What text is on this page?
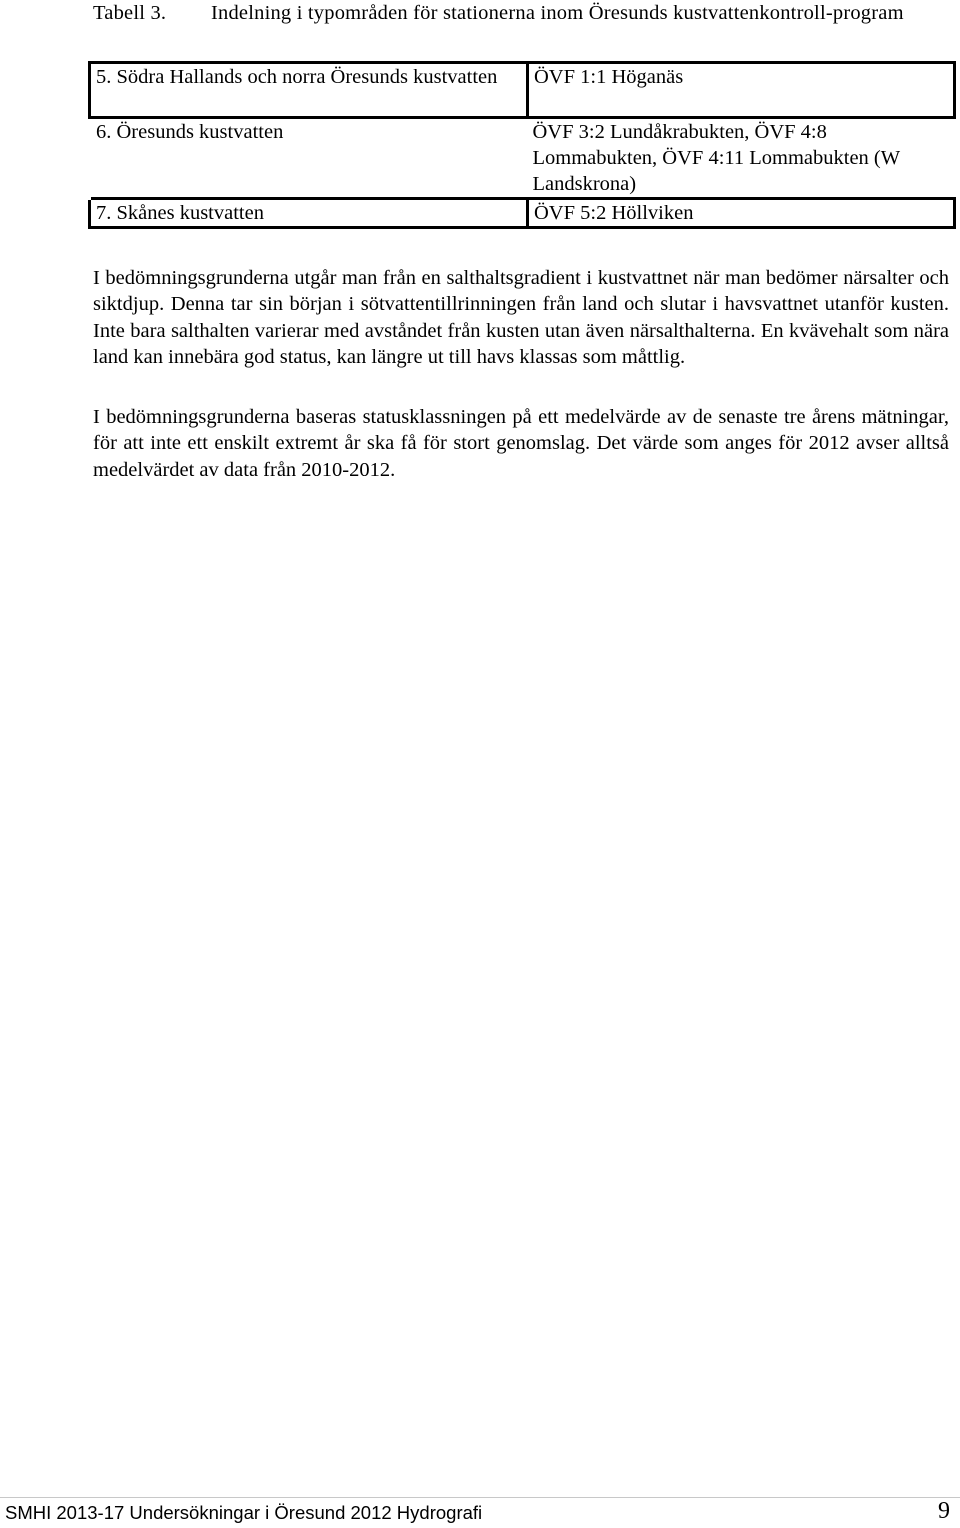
Tabell 3. Indelning i typområden för stationerna inom Öresunds kustvattenkontroll-program
5. Södra Hallands och norra Öresunds kustvatten	ÖVF 1:1 Höganäs
6. Öresunds kustvatten	ÖVF 3:2 Lundåkrabukten, ÖVF 4:8 Lommabukten, ÖVF 4:11 Lommabukten (W Landskrona)
7. Skånes kustvatten	ÖVF 5:2 Höllviken

I bedömningsgrunderna utgår man från en salthaltsgradient i kustvattnet när man bedömer närsalter och siktdjup. Denna tar sin början i sötvattentillrinningen från land och slutar i havsvattnet utanför kusten. Inte bara salthalten varierar med avståndet från kusten utan även närsalthalterna. En kvävehalt som nära land kan innebära god status, kan längre ut till havs klassas som måttlig.

I bedömningsgrunderna baseras statusklassningen på ett medelvärde av de senaste tre årens mätningar, för att inte ett enskilt extremt år ska få för stort genomslag. Det värde som anges för 2012 avser alltså medelvärdet av data från 2010-2012.

SMHI 2013-17 Undersökningar i Öresund 2012 Hydrografi	9
